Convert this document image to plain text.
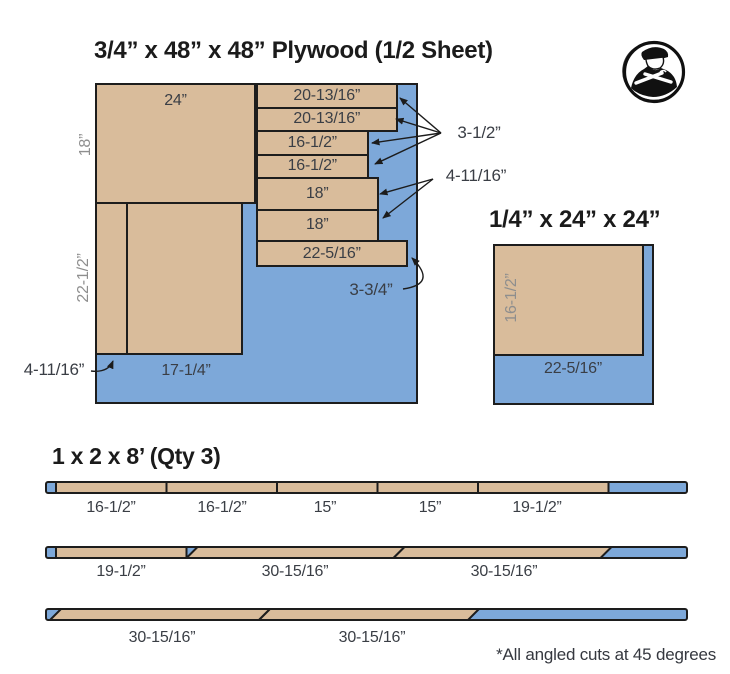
3/4” x 48” x 48” Plywood (1/2 Sheet)
1/4” x 24” x 24”
1 x 2 x 8’ (Qty 3)
24”	20-13/16”
20-13/16”
16-1/2”
16-1/2”
18”
18”
22-5/16”
17-1/4”
18”
22-1/2”
3-1/2”
4-11/16”
3-3/4”
4-11/16”
16-1/2”
22-5/16”
16-1/2”	16-1/2”	15”	15”	19-1/2”
19-1/2”	30-15/16”	30-15/16”
30-15/16”	30-15/16”
*All angled cuts at 45 degrees
